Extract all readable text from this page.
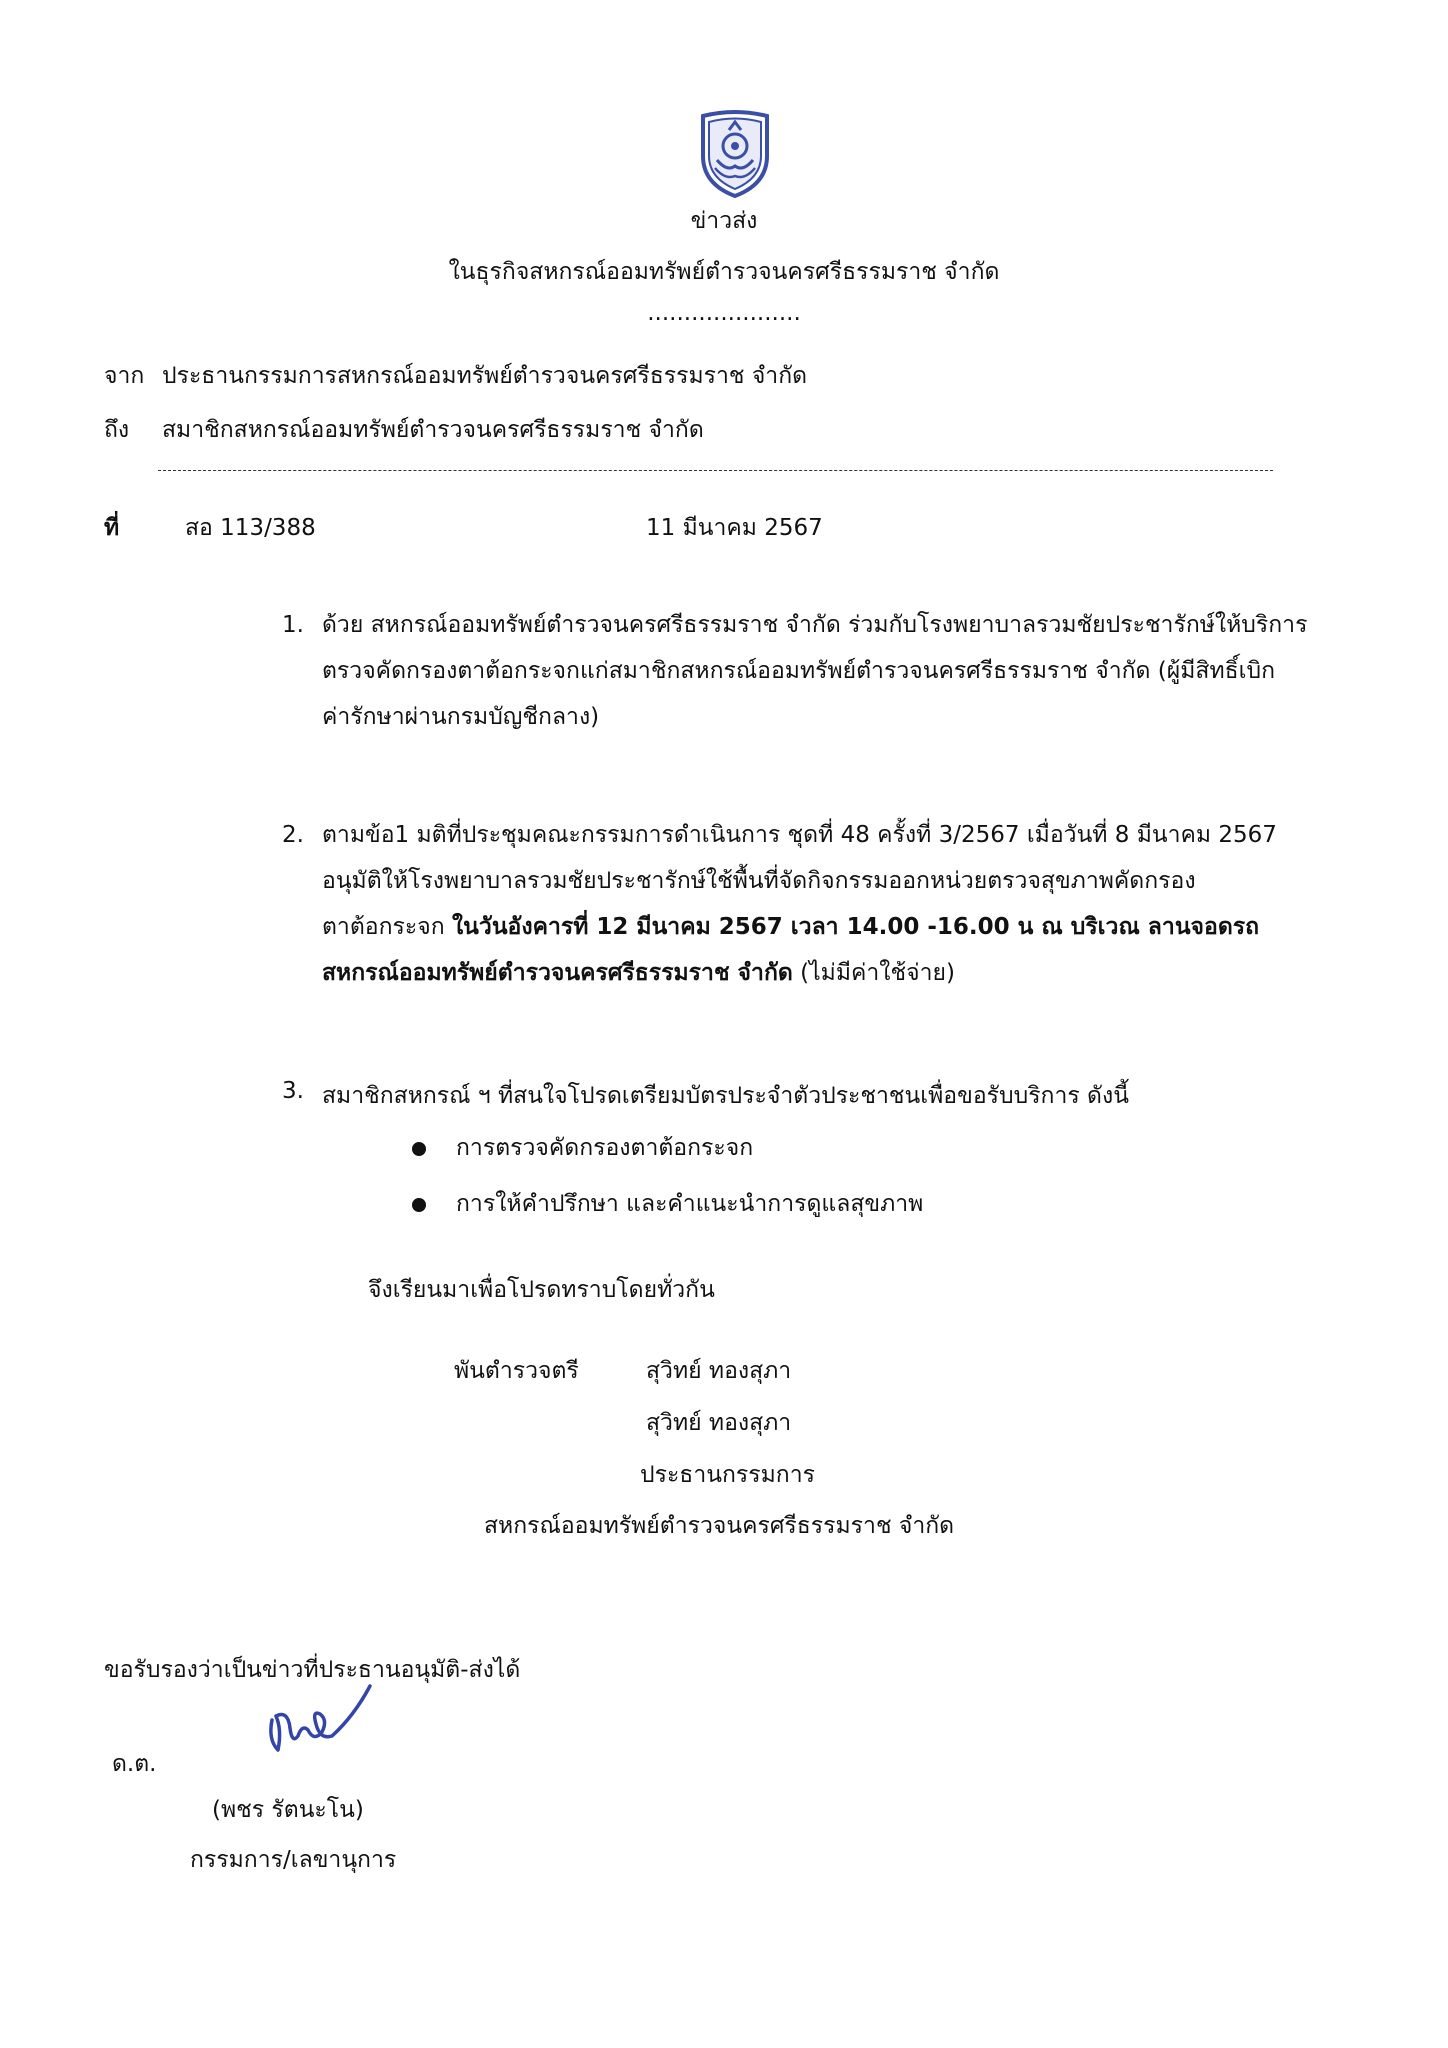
ข่าวส่ง
ในธุรกิจสหกรณ์ออมทรัพย์ตำรวจนครศรีธรรมราช จำกัด
.....................
จาก ประธานกรรมการสหกรณ์ออมทรัพย์ตำรวจนครศรีธรรมราช จำกัด
ถึง สมาชิกสหกรณ์ออมทรัพย์ตำรวจนครศรีธรรมราช จำกัด
ที่	สอ 113/388	11 มีนาคม 2567
1. ด้วย สหกรณ์ออมทรัพย์ตำรวจนครศรีธรรมราช จำกัด ร่วมกับโรงพยาบาลรวมชัยประชารักษ์ให้บริการ

ตรวจคัดกรองตาต้อกระจกแก่สมาชิกสหกรณ์ออมทรัพย์ตำรวจนครศรีธรรมราช จำกัด (ผู้มีสิทธิ์เบิก

ค่ารักษาผ่านกรมบัญชีกลาง)

2. ตามข้อ1 มติที่ประชุมคณะกรรมการดำเนินการ ชุดที่ 48 ครั้งที่ 3/2567 เมื่อวันที่ 8 มีนาคม 2567

อนุมัติให้โรงพยาบาลรวมชัยประชารักษ์ใช้พื้นที่จัดกิจกรรมออกหน่วยตรวจสุขภาพคัดกรอง

ตาต้อกระจก ในวันอังคารที่ 12 มีนาคม 2567 เวลา 14.00 -16.00 น ณ บริเวณ ลานจอดรถ

สหกรณ์ออมทรัพย์ตำรวจนครศรีธรรมราช จำกัด (ไม่มีค่าใช้จ่าย)

3. สมาชิกสหกรณ์ ฯ ที่สนใจโปรดเตรียมบัตรประจำตัวประชาชนเพื่อขอรับบริการ ดังนี้
การตรวจคัดกรองตาต้อกระจก
การให้คำปรึกษา และคำแนะนำการดูแลสุขภาพ
จึงเรียนมาเพื่อโปรดทราบโดยทั่วกัน
พันตำรวจตรี	สุวิทย์ ทองสุภา
สุวิทย์ ทองสุภา
ประธานกรรมการ
สหกรณ์ออมทรัพย์ตำรวจนครศรีธรรมราช จำกัด
ขอรับรองว่าเป็นข่าวที่ประธานอนุมัติ-ส่งได้
ด.ต.
(พชร รัตนะโน)
กรรมการ/เลขานุการ
